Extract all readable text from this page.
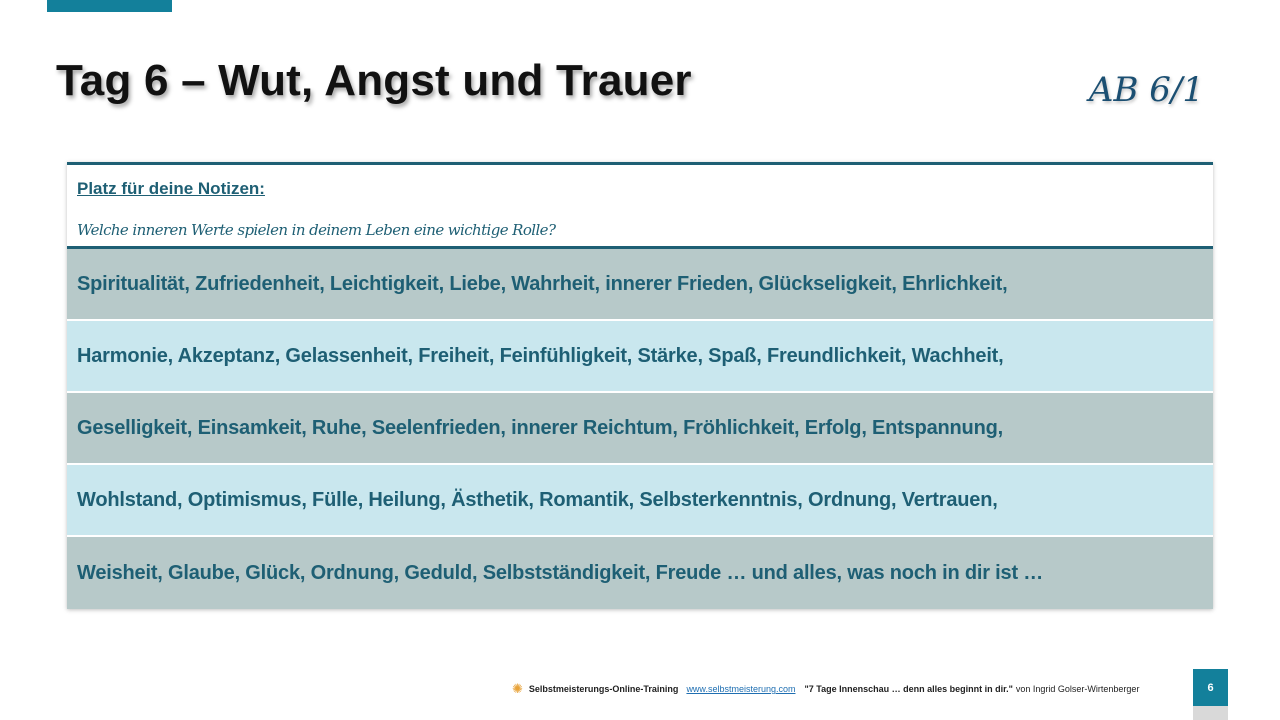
Tag 6 – Wut, Angst und Trauer	AB 6/1
Platz für deine Notizen:
Welche inneren Werte spielen in deinem Leben eine wichtige Rolle?
Spiritualität, Zufriedenheit, Leichtigkeit, Liebe, Wahrheit, innerer Frieden, Glückseligkeit, Ehrlichkeit,
Harmonie, Akzeptanz, Gelassenheit, Freiheit, Feinfühligkeit, Stärke, Spaß, Freundlichkeit, Wachheit,
Geselligkeit, Einsamkeit, Ruhe, Seelenfrieden, innerer Reichtum, Fröhlichkeit, Erfolg, Entspannung,
Wohlstand, Optimismus, Fülle, Heilung, Ästhetik, Romantik, Selbsterkenntnis, Ordnung, Vertrauen,
Weisheit, Glaube, Glück, Ordnung, Geduld, Selbstständigkeit, Freude … und alles, was noch in dir ist …
✺ Selbstmeisterungs-Online-Training www.selbstmeisterung.com "7 Tage Innenschau … denn alles beginnt in dir." von Ingrid Golser-Wirtenberger	6
